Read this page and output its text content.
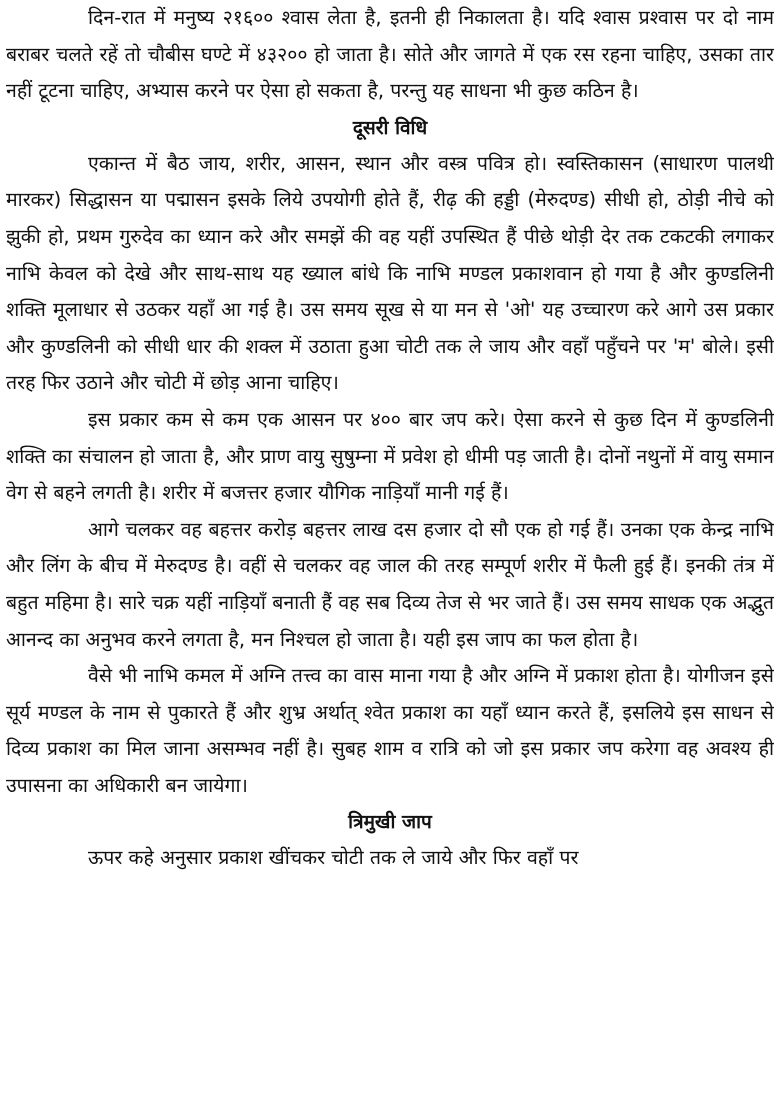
दिन-रात में मनुष्य २१६०० श्वास लेता है, इतनी ही निकालता है। यदि श्वास प्रश्वास पर दो नाम बराबर चलते रहें तो चौबीस घण्टे में ४३२०० हो जाता है। सोते और जागते में एक रस रहना चाहिए, उसका तार नहीं टूटना चाहिए, अभ्यास करने पर ऐसा हो सकता है, परन्तु यह साधना भी कुछ कठिन है।

दूसरी विधि

एकान्त में बैठ जाय, शरीर, आसन, स्थान और वस्त्र पवित्र हो। स्वस्तिकासन (साधारण पालथी मारकर) सिद्धासन या पद्मासन इसके लिये उपयोगी होते हैं, रीढ़ की हड्डी (मेरुदण्ड) सीधी हो, ठोड़ी नीचे को झुकी हो, प्रथम गुरुदेव का ध्यान करे और समझें की वह यहीं उपस्थित हैं पीछे थोड़ी देर तक टकटकी लगाकर नाभि केवल को देखे और साथ-साथ यह ख्याल बांधे कि नाभि मण्डल प्रकाशवान हो गया है और कुण्डलिनी शक्ति मूलाधार से उठकर यहाँ आ गई है। उस समय सूख से या मन से 'ओ' यह उच्चारण करे आगे उस प्रकार और कुण्डलिनी को सीधी धार की शक्ल में उठाता हुआ चोटी तक ले जाय और वहाँ पहुँचने पर 'म' बोले। इसी तरह फिर उठाने और चोटी में छोड़ आना चाहिए।

इस प्रकार कम से कम एक आसन पर ४०० बार जप करे। ऐसा करने से कुछ दिन में कुण्डलिनी शक्ति का संचालन हो जाता है, और प्राण वायु सुषुम्ना में प्रवेश हो धीमी पड़ जाती है। दोनों नथुनों में वायु समान वेग से बहने लगती है। शरीर में बजत्तर हजार यौगिक नाड़ियाँ मानी गई हैं।

आगे चलकर वह बहत्तर करोड़ बहत्तर लाख दस हजार दो सौ एक हो गई हैं। उनका एक केन्द्र नाभि और लिंग के बीच में मेरुदण्ड है। वहीं से चलकर वह जाल की तरह सम्पूर्ण शरीर में फैली हुई हैं। इनकी तंत्र में बहुत महिमा है। सारे चक्र यहीं नाड़ियाँ बनाती हैं वह सब दिव्य तेज से भर जाते हैं। उस समय साधक एक अद्भुत आनन्द का अनुभव करने लगता है, मन निश्चल हो जाता है। यही इस जाप का फल होता है।

वैसे भी नाभि कमल में अग्नि तत्त्व का वास माना गया है और अग्नि में प्रकाश होता है। योगीजन इसे सूर्य मण्डल के नाम से पुकारते हैं और शुभ्र अर्थात् श्वेत प्रकाश का यहाँ ध्यान करते हैं, इसलिये इस साधन से दिव्य प्रकाश का मिल जाना असम्भव नहीं है। सुबह शाम व रात्रि को जो इस प्रकार जप करेगा वह अवश्य ही उपासना का अधिकारी बन जायेगा।

त्रिमुखी जाप

ऊपर कहे अनुसार प्रकाश खींचकर चोटी तक ले जाये और फिर वहाँ पर
